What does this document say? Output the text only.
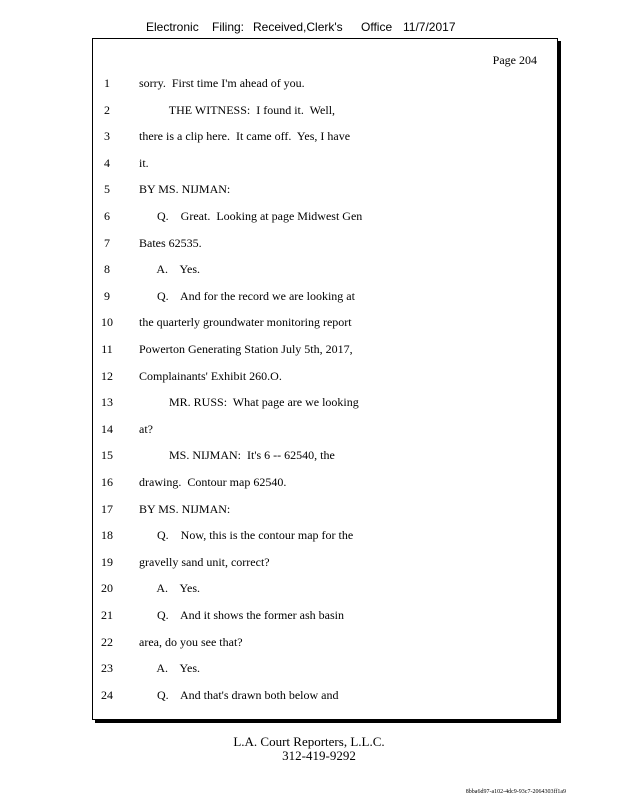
Electronic Filing: Received,Clerk's Office 11/7/2017
Page 204
1	sorry.  First time I'm ahead of you.
2	THE WITNESS:  I found it.  Well,
3	there is a clip here.  It came off.  Yes, I have
4	it.
5	BY MS. NIJMAN:
6	Q.    Great.  Looking at page Midwest Gen
7	Bates 62535.
8	A.    Yes.
9	Q.    And for the record we are looking at
10	the quarterly groundwater monitoring report
11	Powerton Generating Station July 5th, 2017,
12	Complainants' Exhibit 260.O.
13	MR. RUSS:  What page are we looking
14	at?
15	MS. NIJMAN:  It's 6 -- 62540, the
16	drawing.  Contour map 62540.
17	BY MS. NIJMAN:
18	Q.    Now, this is the contour map for the
19	gravelly sand unit, correct?
20	A.    Yes.
21	Q.    And it shows the former ash basin
22	area, do you see that?
23	A.    Yes.
24	Q.    And that's drawn both below and
L.A. Court Reporters, L.L.C.
312-419-9292
8bba6d97-a102-4dc9-93c7-2064303ff1a9
